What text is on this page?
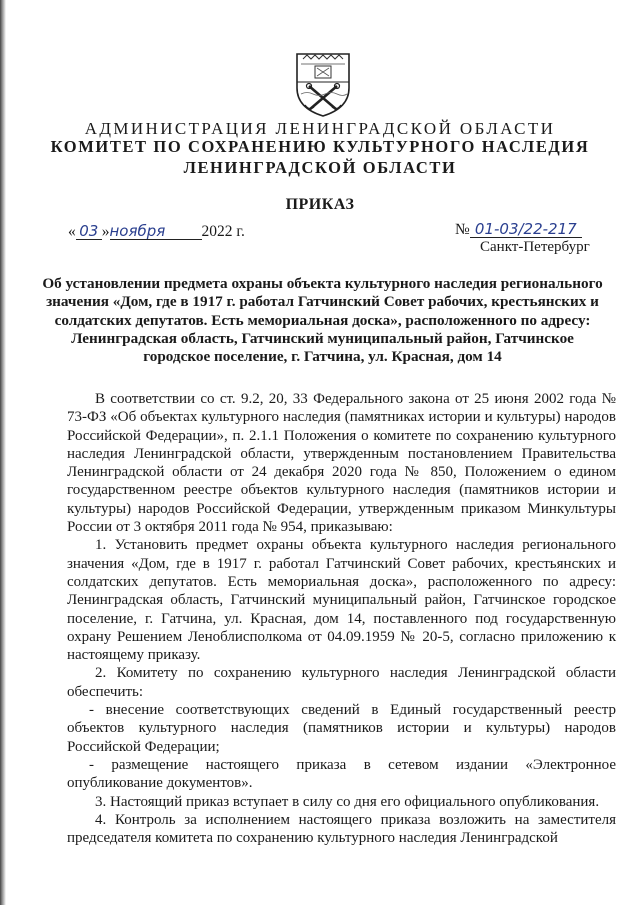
АДМИНИСТРАЦИЯ ЛЕНИНГРАДСКОЙ ОБЛАСТИ
КОМИТЕТ ПО СОХРАНЕНИЮ КУЛЬТУРНОГО НАСЛЕДИЯ
ЛЕНИНГРАДСКОЙ ОБЛАСТИ
ПРИКАЗ
« 03 »ноября 2022 г.	№ 01-03/22-217
Санкт-Петербург
Об установлении предмета охраны объекта культурного наследия регионального значения «Дом, где в 1917 г. работал Гатчинский Совет рабочих, крестьянских и солдатских депутатов. Есть мемориальная доска», расположенного по адресу: Ленинградская область, Гатчинский муниципальный район, Гатчинское городское поселение, г. Гатчина, ул. Красная, дом 14

В соответствии со ст. 9.2, 20, 33 Федерального закона от 25 июня 2002 года № 73-ФЗ «Об объектах культурного наследия (памятниках истории и культуры) народов Российской Федерации», п. 2.1.1 Положения о комитете по сохранению культурного наследия Ленинградской области, утвержденным постановлением Правительства Ленинградской области от 24 декабря 2020 года № 850, Положением о едином государственном реестре объектов культурного наследия (памятников истории и культуры) народов Российской Федерации, утвержденным приказом Минкультуры России от 3 октября 2011 года № 954, приказываю:

1. Установить предмет охраны объекта культурного наследия регионального значения «Дом, где в 1917 г. работал Гатчинский Совет рабочих, крестьянских и солдатских депутатов. Есть мемориальная доска», расположенного по адресу: Ленинградская область, Гатчинский муниципальный район, Гатчинское городское поселение, г. Гатчина, ул. Красная, дом 14, поставленного под государственную охрану Решением Леноблисполкома от 04.09.1959 № 20-5, согласно приложению к настоящему приказу.

2. Комитету по сохранению культурного наследия Ленинградской области обеспечить:

- внесение соответствующих сведений в Единый государственный реестр объектов культурного наследия (памятников истории и культуры) народов Российской Федерации;

- размещение настоящего приказа в сетевом издании «Электронное опубликование документов».

3. Настоящий приказ вступает в силу со дня его официального опубликования.

4. Контроль за исполнением настоящего приказа возложить на заместителя председателя комитета по сохранению культурного наследия Ленинградской
